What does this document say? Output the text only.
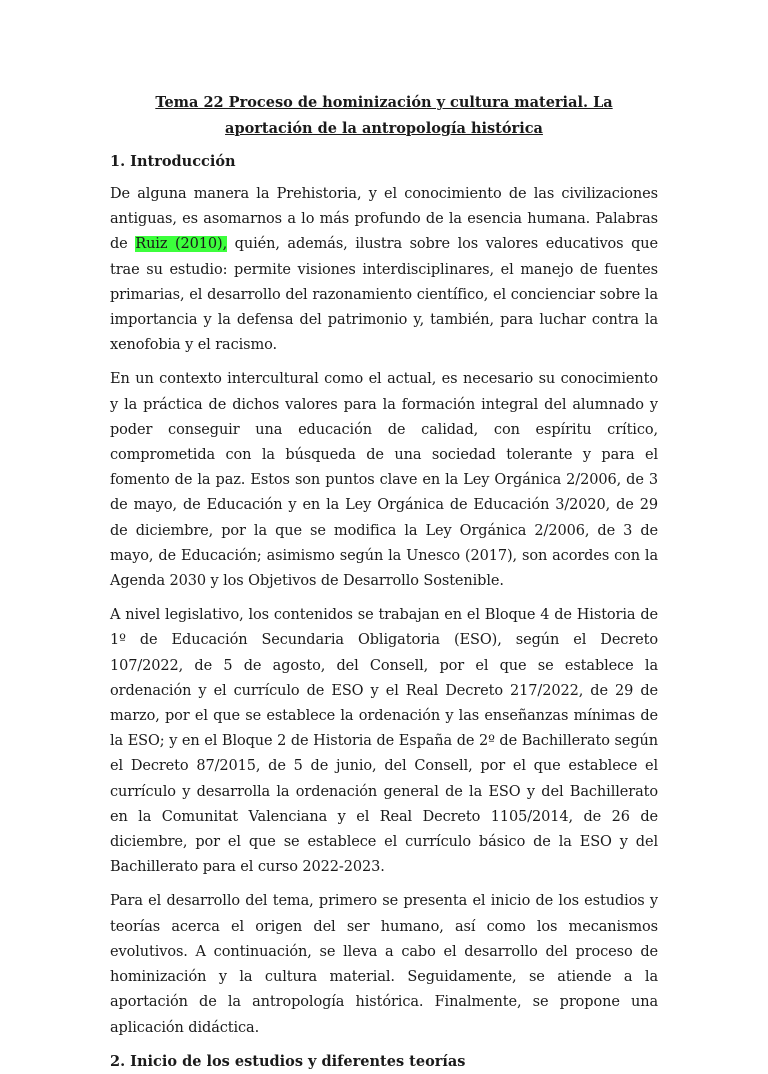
Tema 22 Proceso de hominización y cultura material. La aportación de la antropología histórica
1. Introducción

De alguna manera la Prehistoria, y el conocimiento de las civilizaciones antiguas, es asomarnos a lo más profundo de la esencia humana. Palabras de Ruiz (2010), quién, además, ilustra sobre los valores educativos que trae su estudio: permite visiones interdisciplinares, el manejo de fuentes primarias, el desarrollo del razonamiento científico, el concienciar sobre la importancia y la defensa del patrimonio y, también, para luchar contra la xenofobia y el racismo.

En un contexto intercultural como el actual, es necesario su conocimiento y la práctica de dichos valores para la formación integral del alumnado y poder conseguir una educación de calidad, con espíritu crítico, comprometida con la búsqueda de una sociedad tolerante y para el fomento de la paz. Estos son puntos clave en la Ley Orgánica 2/2006, de 3 de mayo, de Educación y en la Ley Orgánica de Educación 3/2020, de 29 de diciembre, por la que se modifica la Ley Orgánica 2/2006, de 3 de mayo, de Educación; asimismo según la Unesco (2017), son acordes con la Agenda 2030 y los Objetivos de Desarrollo Sostenible.

A nivel legislativo, los contenidos se trabajan en el Bloque 4 de Historia de 1º de Educación Secundaria Obligatoria (ESO), según el Decreto 107/2022, de 5 de agosto, del Consell, por el que se establece la ordenación y el currículo de ESO y el Real Decreto 217/2022, de 29 de marzo, por el que se establece la ordenación y las enseñanzas mínimas de la ESO; y en el Bloque 2 de Historia de España de 2º de Bachillerato según el Decreto 87/2015, de 5 de junio, del Consell, por el que establece el currículo y desarrolla la ordenación general de la ESO y del Bachillerato en la Comunitat Valenciana y el Real Decreto 1105/2014, de 26 de diciembre, por el que se establece el currículo básico de la ESO y del Bachillerato para el curso 2022-2023.

Para el desarrollo del tema, primero se presenta el inicio de los estudios y teorías acerca el origen del ser humano, así como los mecanismos evolutivos. A continuación, se lleva a cabo el desarrollo del proceso de hominización y la cultura material. Seguidamente, se atiende a la aportación de la antropología histórica. Finalmente, se propone una aplicación didáctica.

2. Inicio de los estudios y diferentes teorías
